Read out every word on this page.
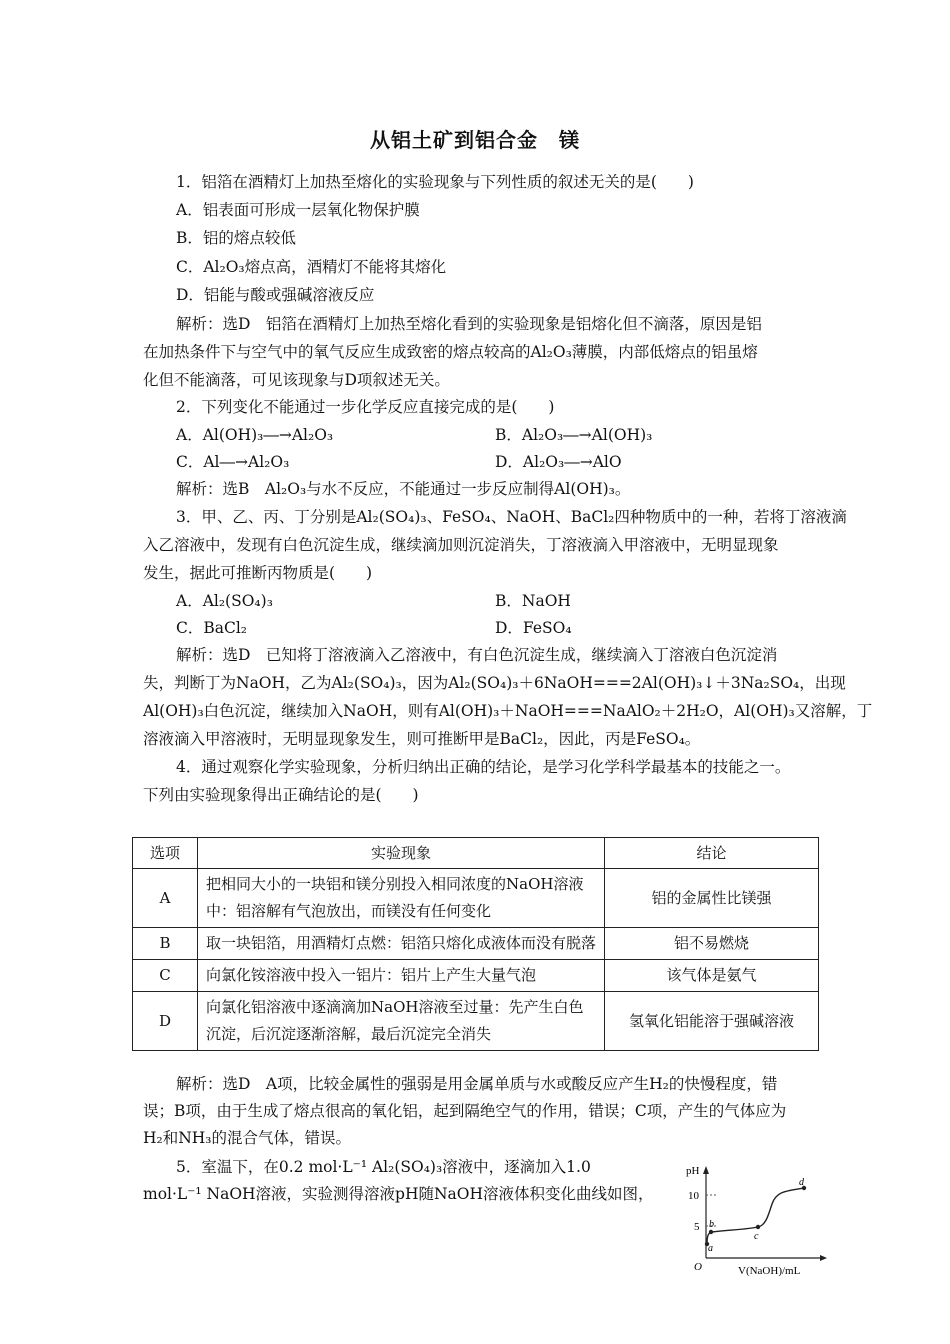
从铝土矿到铝合金　镁
1．铝箔在酒精灯上加热至熔化的实验现象与下列性质的叙述无关的是(　　)
A．铝表面可形成一层氧化物保护膜
B．铝的熔点较低
C．Al₂O₃熔点高，酒精灯不能将其熔化
D．铝能与酸或强碱溶液反应
解析：选D　铝箔在酒精灯上加热至熔化看到的实验现象是铝熔化但不滴落，原因是铝
在加热条件下与空气中的氧气反应生成致密的熔点较高的Al₂O₃薄膜，内部低熔点的铝虽熔
化但不能滴落，可见该现象与D项叙述无关。
2．下列变化不能通过一步化学反应直接完成的是(　　)
A．Al(OH)₃―→Al₂O₃	B．Al₂O₃―→Al(OH)₃
C．Al―→Al₂O₃	D．Al₂O₃―→AlO
解析：选B　Al₂O₃与水不反应，不能通过一步反应制得Al(OH)₃。
3．甲、乙、丙、丁分别是Al₂(SO₄)₃、FeSO₄、NaOH、BaCl₂四种物质中的一种，若将丁溶液滴
入乙溶液中，发现有白色沉淀生成，继续滴加则沉淀消失，丁溶液滴入甲溶液中，无明显现象
发生，据此可推断丙物质是(　　)
A．Al₂(SO₄)₃	B．NaOH
C．BaCl₂	D．FeSO₄
解析：选D　已知将丁溶液滴入乙溶液中，有白色沉淀生成，继续滴入丁溶液白色沉淀消
失，判断丁为NaOH，乙为Al₂(SO₄)₃，因为Al₂(SO₄)₃＋6NaOH===2Al(OH)₃↓＋3Na₂SO₄，出现
Al(OH)₃白色沉淀，继续加入NaOH，则有Al(OH)₃＋NaOH===NaAlO₂＋2H₂O，Al(OH)₃又溶解，丁
溶液滴入甲溶液时，无明显现象发生，则可推断甲是BaCl₂，因此，丙是FeSO₄。
4．通过观察化学实验现象，分析归纳出正确的结论，是学习化学科学最基本的技能之一。
下列由实验现象得出正确结论的是(　　)
选项	实验现象	结论
A	把相同大小的一块铝和镁分别投入相同浓度的NaOH溶液中：铝溶解有气泡放出，而镁没有任何变化	铝的金属性比镁强
B	取一块铝箔，用酒精灯点燃：铝箔只熔化成液体而没有脱落	铝不易燃烧
C	向氯化铵溶液中投入一铝片：铝片上产生大量气泡	该气体是氨气
D	向氯化铝溶液中逐滴滴加NaOH溶液至过量：先产生白色沉淀，后沉淀逐渐溶解，最后沉淀完全消失	氢氧化铝能溶于强碱溶液
解析：选D　A项，比较金属性的强弱是用金属单质与水或酸反应产生H₂的快慢程度，错
误；B项，由于生成了熔点很高的氧化铝，起到隔绝空气的作用，错误；C项，产生的气体应为
H₂和NH₃的混合气体，错误。
5．室温下，在0.2 mol·L⁻¹ Al₂(SO₄)₃溶液中，逐滴加入1.0
mol·L⁻¹ NaOH溶液，实验测得溶液pH随NaOH溶液体积变化曲线如图，
pH
10
5
O	V(NaOH)/mL
a
b
c
d
